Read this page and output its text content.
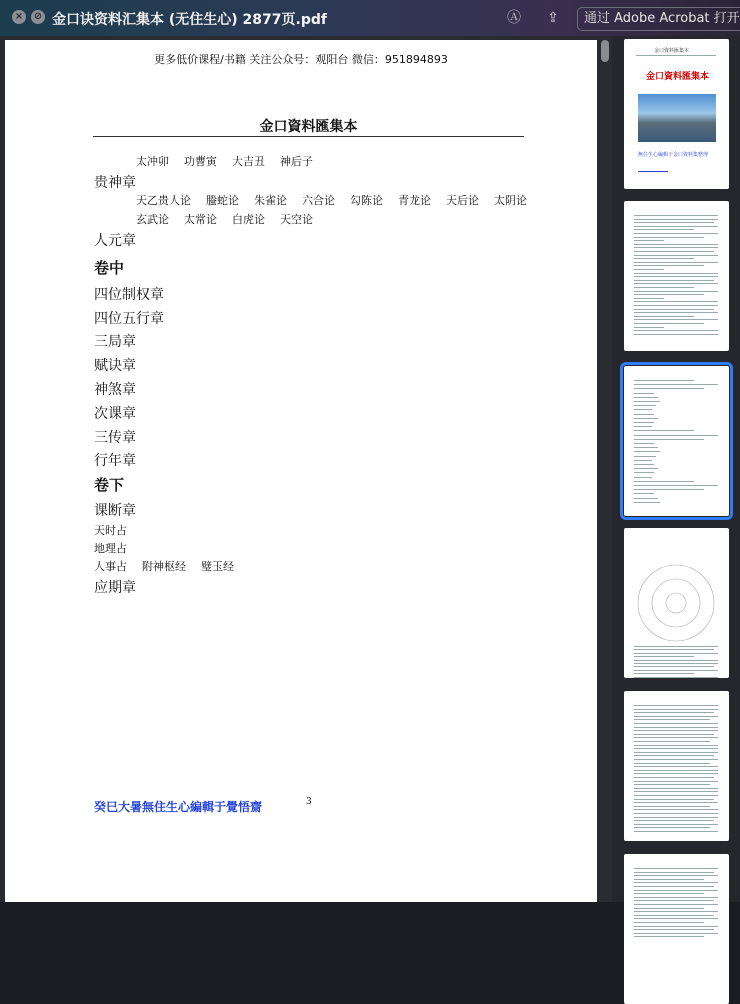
× ⊘ 金口诀资料汇集本 (无住生心) 2877页.pdf	Ⓐ ⇪	通过 Adobe Acrobat 打开
更多低价课程/书籍 关注公众号：观阳台 微信：951894893
金口資料匯集本
太冲卯 功曹寅 大吉丑 神后子
贵神章
天乙贵人论 螣蛇论 朱雀论 六合论 勾陈论 青龙论 天后论 太阴论
玄武论 太常论 白虎论 天空论
人元章
卷中
四位制权章
四位五行章
三局章
赋诀章
神煞章
次课章
三传章
行年章
卷下
课断章
天时占
地理占
人事占 附神枢经 璧玉经
应期章
癸巳大暑無住生心編輯于覺悟齋	3
金口資料匯集本
金口資料匯集本
無住生心編輯于金口資料集整理
